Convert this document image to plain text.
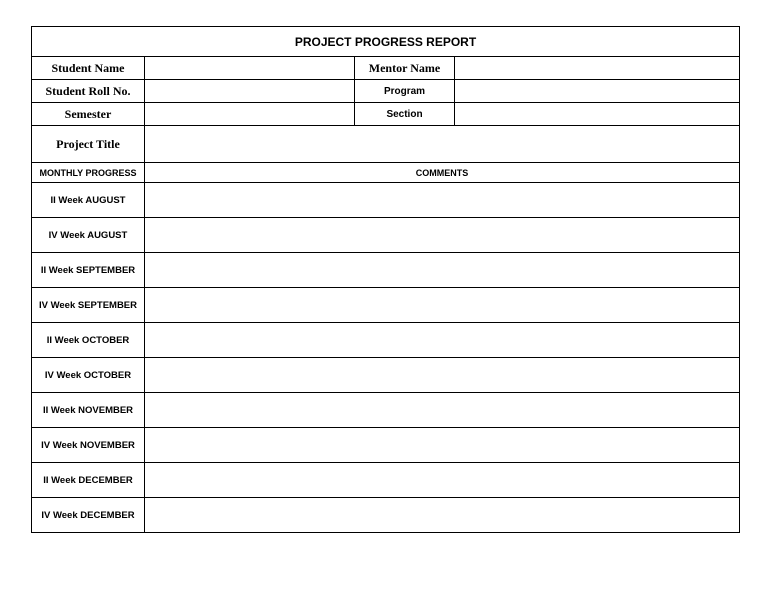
PROJECT PROGRESS REPORT			
Student Name		Mentor Name	
Student Roll No.		Program	
Semester		Section	
Project Title			
MONTHLY PROGRESS	COMMENTS		
II Week AUGUST			
IV Week AUGUST			
II Week SEPTEMBER			
IV Week SEPTEMBER			
II Week OCTOBER			
IV Week OCTOBER			
II Week NOVEMBER			
IV Week NOVEMBER			
II Week DECEMBER			
IV Week DECEMBER			
